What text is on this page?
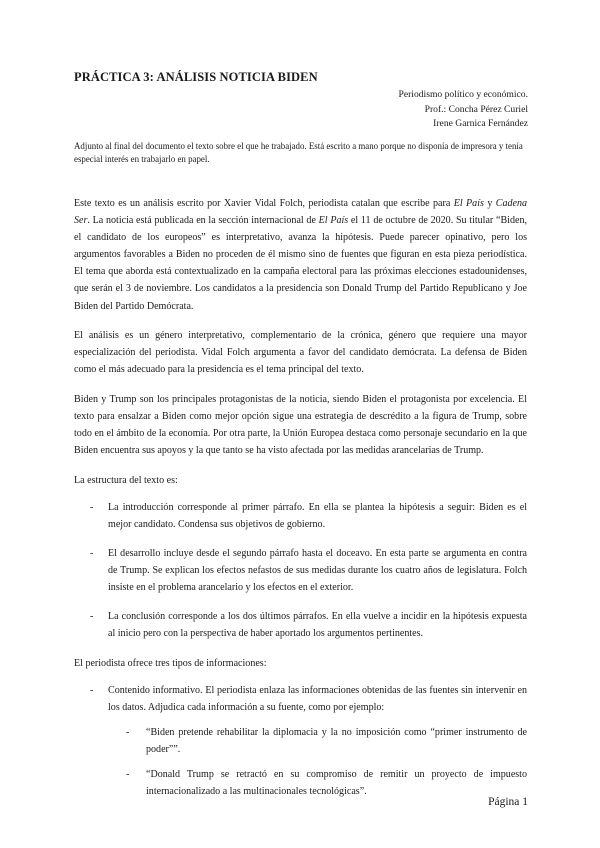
PRÁCTICA 3: ANÁLISIS NOTICIA BIDEN
Periodismo político y económico.
Prof.: Concha Pérez Curiel
Irene Garnica Fernández
Adjunto al final del documento el texto sobre el que he trabajado. Está escrito a mano porque no disponía de impresora y tenía especial interés en trabajarlo en papel.

Este texto es un análisis escrito por Xavier Vidal Folch, periodista catalan que escribe para El País y Cadena Ser. La noticia está publicada en la sección internacional de El País el 11 de octubre de 2020. Su titular “Biden, el candidato de los europeos” es interpretativo, avanza la hipótesis. Puede parecer opinativo, pero los argumentos favorables a Biden no proceden de él mismo sino de fuentes que figuran en esta pieza periodística. El tema que aborda está contextualizado en la campaña electoral para las próximas elecciones estadounidenses, que serán el 3 de noviembre. Los candidatos a la presidencia son Donald Trump del Partido Republicano y Joe Biden del Partido Demócrata.

El análisis es un género interpretativo, complementario de la crónica, género que requiere una mayor especialización del periodista. Vidal Folch argumenta a favor del candidato demócrata. La defensa de Biden como el más adecuado para la presidencia es el tema principal del texto.

Biden y Trump son los principales protagonistas de la noticia, siendo Biden el protagonista por excelencia. El texto para ensalzar a Biden como mejor opción sigue una estrategia de descrédito a la figura de Trump, sobre todo en el ámbito de la economía. Por otra parte, la Unión Europea destaca como personaje secundario en la que Biden encuentra sus apoyos y la que tanto se ha visto afectada por las medidas arancelarias de Trump.

La estructura del texto es:

- La introducción corresponde al primer párrafo. En ella se plantea la hipótesis a seguir: Biden es el mejor candidato. Condensa sus objetivos de gobierno.
- El desarrollo incluye desde el segundo párrafo hasta el doceavo. En esta parte se argumenta en contra de Trump. Se explican los efectos nefastos de sus medidas durante los cuatro años de legislatura. Folch insiste en el problema arancelario y los efectos en el exterior.
- La conclusión corresponde a los dos últimos párrafos. En ella vuelve a incidir en la hipótesis expuesta al inicio pero con la perspectiva de haber aportado los argumentos pertinentes.

El periodista ofrece tres tipos de informaciones:

- Contenido informativo. El periodista enlaza las informaciones obtenidas de las fuentes sin intervenir en los datos. Adjudica cada información a su fuente, como por ejemplo:
- “Biden pretende rehabilitar la diplomacia y la no imposición como “primer instrumento de poder””.
- “Donald Trump se retractó en su compromiso de remitir un proyecto de impuesto internacionalizado a las multinacionales tecnológicas”.
Página 1
